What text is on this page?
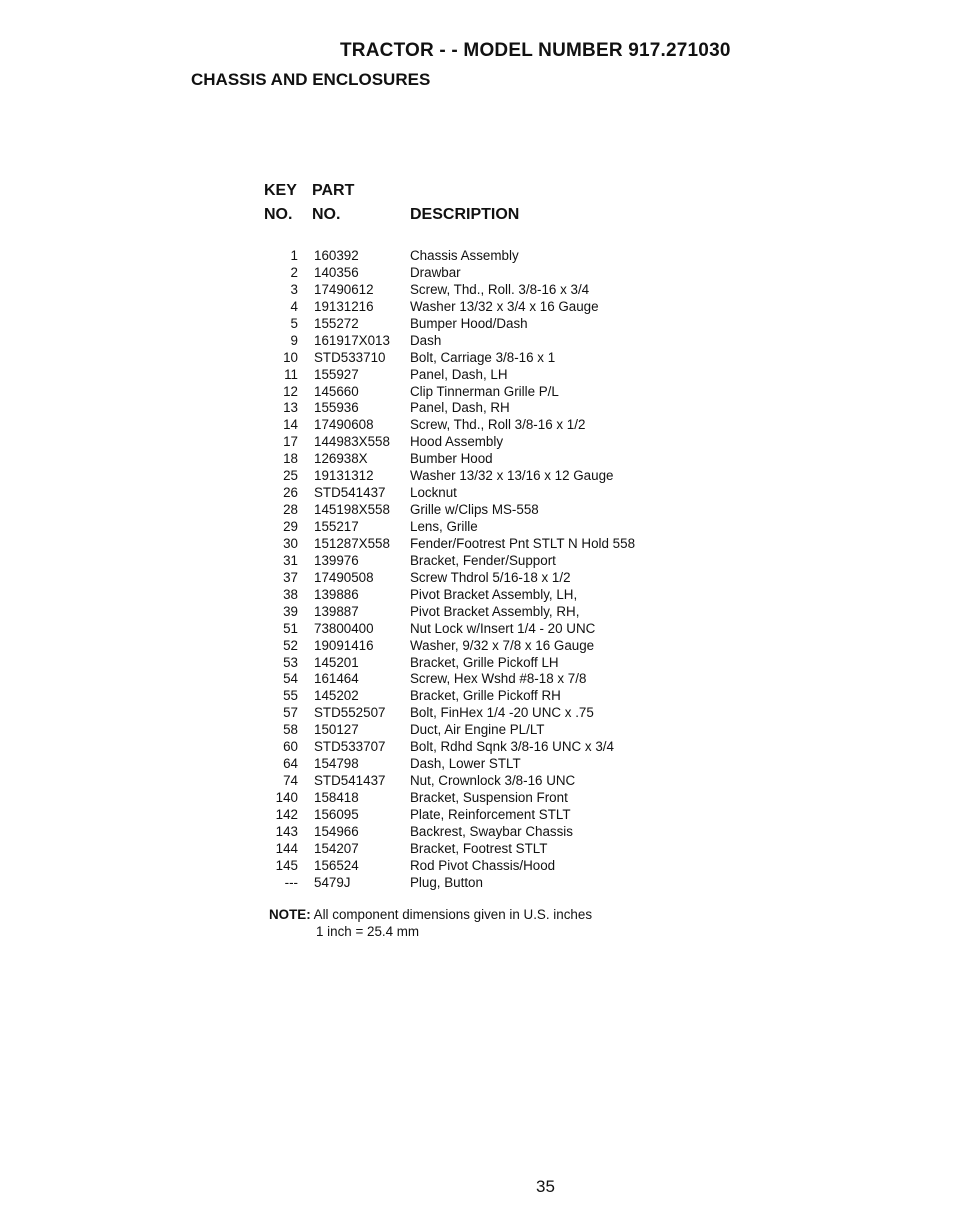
TRACTOR - - MODEL NUMBER 917.271030
CHASSIS AND ENCLOSURES
KEY PART
NO. NO.	DESCRIPTION
1 160392	Chassis Assembly
2 140356	Drawbar
3 17490612	Screw, Thd., Roll. 3/8-16 x 3/4
4 19131216	Washer 13/32 x 3/4 x 16 Gauge
5 155272	Bumper Hood/Dash
9 161917X013 Dash
10 STD533710 Bolt, Carriage 3/8-16 x 1
11 155927	Panel, Dash, LH
12 145660	Clip Tinnerman Grille P/L
13 155936	Panel, Dash, RH
14 17490608	Screw, Thd., Roll 3/8-16 x 1/2
17 144983X558 Hood Assembly
18 126938X	Bumber Hood
25 19131312	Washer 13/32 x 13/16 x 12 Gauge
26 STD541437 Locknut
28 145198X558 Grille w/Clips MS-558
29 155217	Lens, Grille
30 151287X558 Fender/Footrest Pnt STLT N Hold 558
31 139976	Bracket, Fender/Support
37 17490508	Screw Thdrol 5/16-18 x 1/2
38 139886	Pivot Bracket Assembly, LH,
39 139887	Pivot Bracket Assembly, RH,
51 73800400	Nut Lock w/Insert 1/4 - 20 UNC
52 19091416	Washer, 9/32 x 7/8 x 16 Gauge
53 145201	Bracket, Grille Pickoff LH
54 161464	Screw, Hex Wshd #8-18 x 7/8
55 145202	Bracket, Grille Pickoff RH
57 STD552507 Bolt, FinHex 1/4 -20 UNC x .75
58 150127	Duct, Air Engine PL/LT
60 STD533707 Bolt, Rdhd Sqnk 3/8-16 UNC x 3/4
64 154798	Dash, Lower STLT
74 STD541437 Nut, Crownlock 3/8-16 UNC
140 158418	Bracket, Suspension Front
142 156095	Plate, Reinforcement STLT
143 154966	Backrest, Swaybar Chassis
144 154207	Bracket, Footrest STLT
145 156524	Rod Pivot Chassis/Hood
--- 5479J	Plug, Button
NOTE: All component dimensions given in U.S. inches
1 inch = 25.4 mm
35
